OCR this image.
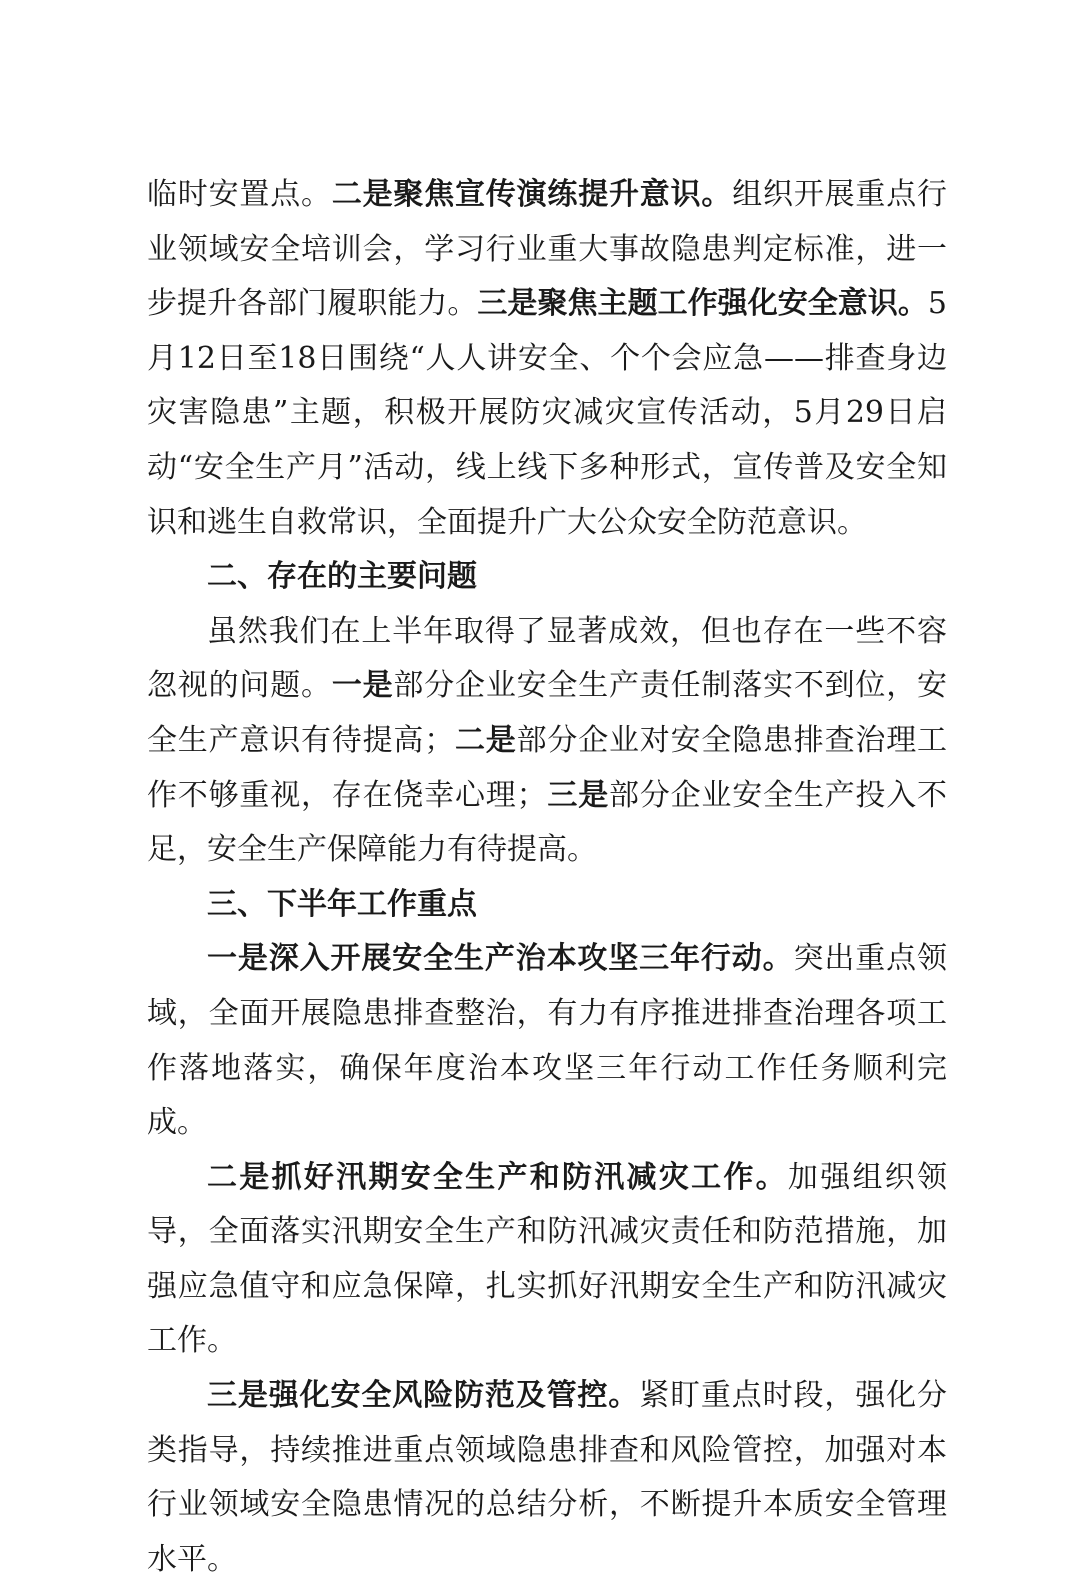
临时安置点。二是聚焦宣传演练提升意识。组织开展重点行业领域安全培训会，学习行业重大事故隐患判定标准，进一步提升各部门履职能力。三是聚焦主题工作强化安全意识。5月12日至18日围绕“人人讲安全、个个会应急——排查身边灾害隐患”主题，积极开展防灾减灾宣传活动，5月29日启动“安全生产月”活动，线上线下多种形式，宣传普及安全知识和逃生自救常识，全面提升广大公众安全防范意识。

二、存在的主要问题

虽然我们在上半年取得了显著成效，但也存在一些不容忽视的问题。一是部分企业安全生产责任制落实不到位，安全生产意识有待提高；二是部分企业对安全隐患排查治理工作不够重视，存在侥幸心理；三是部分企业安全生产投入不足，安全生产保障能力有待提高。

三、下半年工作重点

一是深入开展安全生产治本攻坚三年行动。突出重点领域，全面开展隐患排查整治，有力有序推进排查治理各项工作落地落实，确保年度治本攻坚三年行动工作任务顺利完成。

二是抓好汛期安全生产和防汛减灾工作。加强组织领导，全面落实汛期安全生产和防汛减灾责任和防范措施，加强应急值守和应急保障，扎实抓好汛期安全生产和防汛减灾工作。

三是强化安全风险防范及管控。紧盯重点时段，强化分类指导，持续推进重点领域隐患排查和风险管控，加强对本行业领域安全隐患情况的总结分析，不断提升本质安全管理水平。
